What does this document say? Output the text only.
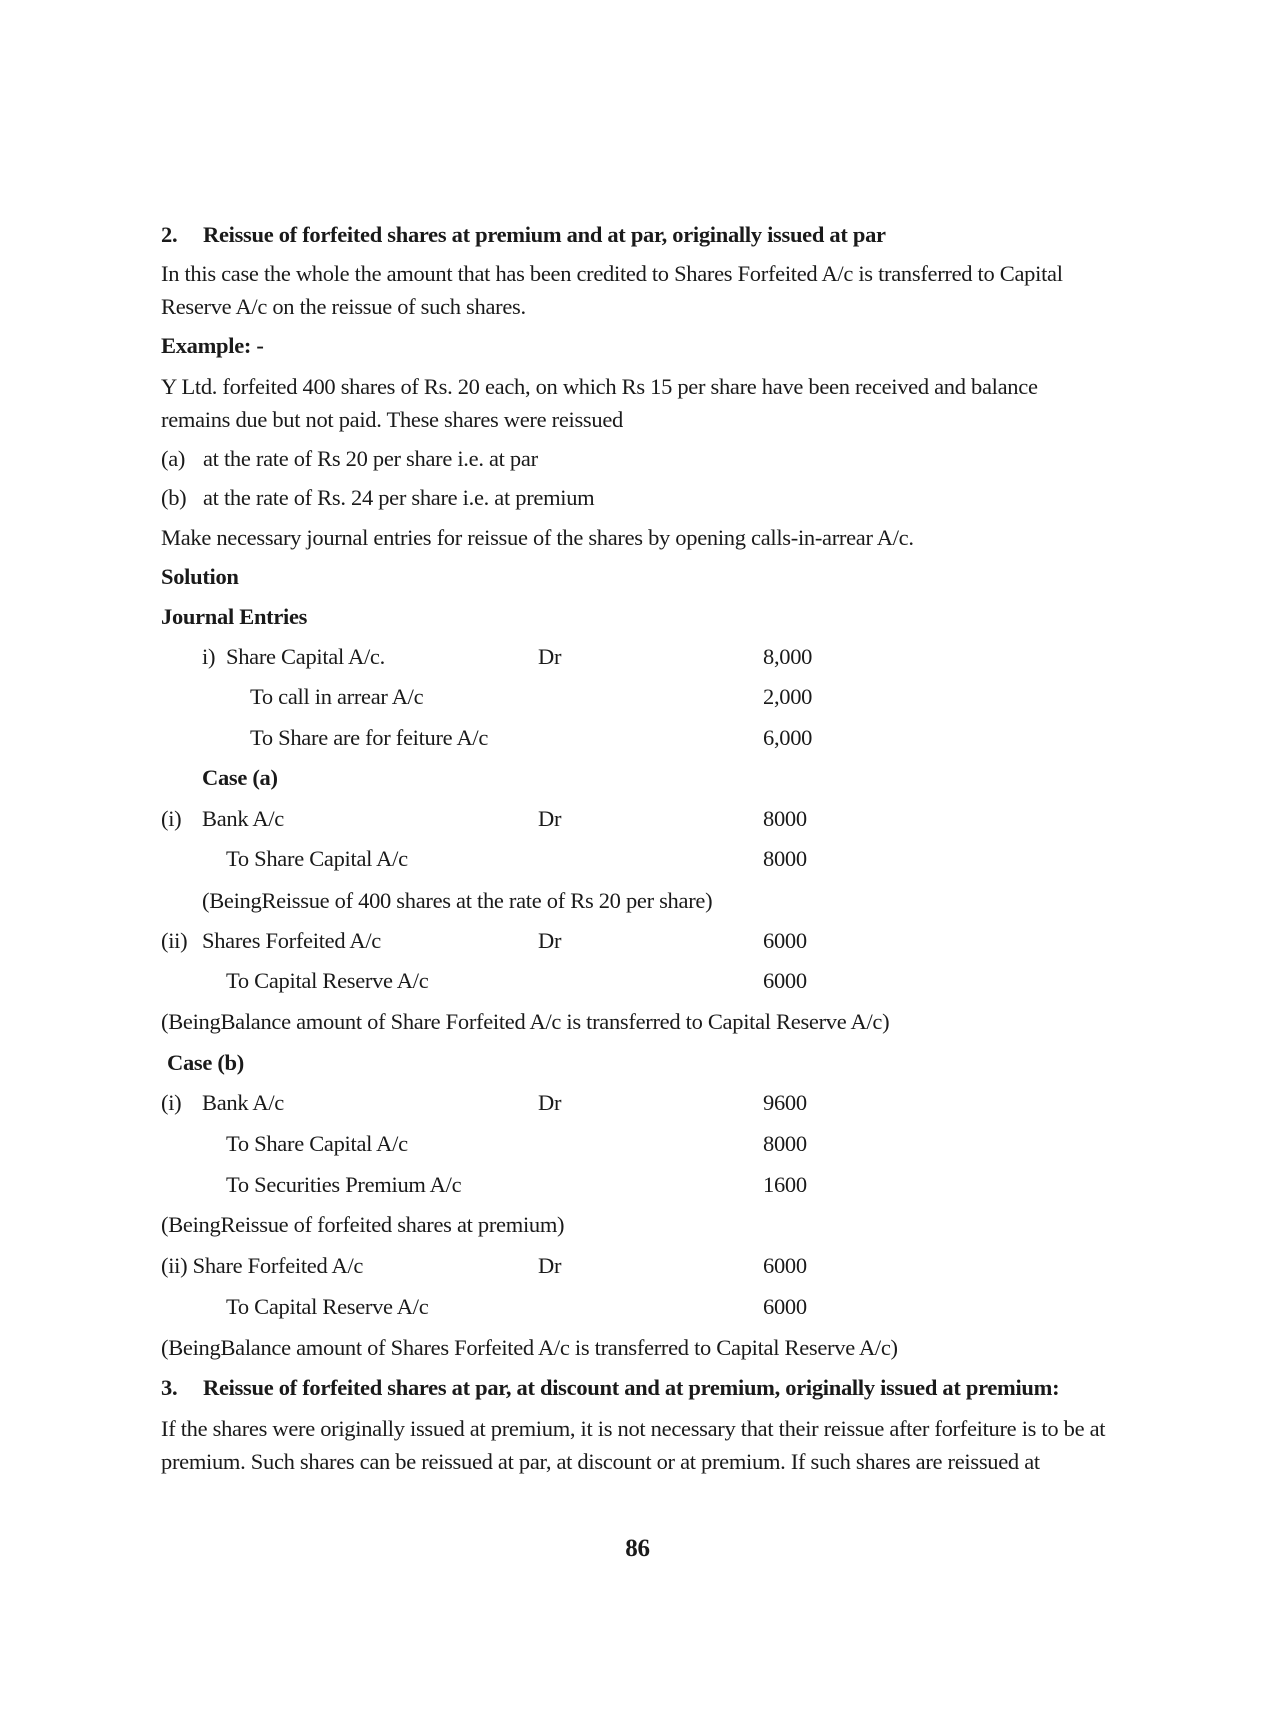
2. Reissue of forfeited shares at premium and at par, originally issued at par
In this case the whole the amount that has been credited to Shares Forfeited A/c is transferred to Capital
Reserve A/c on the reissue of such shares.
Example: -
Y Ltd. forfeited 400 shares of Rs. 20 each, on which Rs 15 per share have been received and balance
remains due but not paid. These shares were reissued
(a) at the rate of Rs 20 per share i.e. at par
(b) at the rate of Rs. 24 per share i.e. at premium
Make necessary journal entries for reissue of the shares by opening calls-in-arrear A/c.
Solution
Journal Entries
i) Share Capital A/c.	Dr	8,000
To call in arrear A/c	2,000
To Share are for feiture A/c	6,000
Case (a)
(i) Bank A/c	Dr	8000
To Share Capital A/c	8000
(BeingReissue of 400 shares at the rate of Rs 20 per share)
(ii) Shares Forfeited A/c	Dr	6000
To Capital Reserve A/c	6000
(BeingBalance amount of Share Forfeited A/c is transferred to Capital Reserve A/c)
Case (b)
(i) Bank A/c	Dr	9600
To Share Capital A/c	8000
To Securities Premium A/c	1600
(BeingReissue of forfeited shares at premium)
(ii) Share Forfeited A/c	Dr	6000
To Capital Reserve A/c	6000
(BeingBalance amount of Shares Forfeited A/c is transferred to Capital Reserve A/c)
3. Reissue of forfeited shares at par, at discount and at premium, originally issued at premium:
If the shares were originally issued at premium, it is not necessary that their reissue after forfeiture is to be at
premium. Such shares can be reissued at par, at discount or at premium. If such shares are reissued at
86
